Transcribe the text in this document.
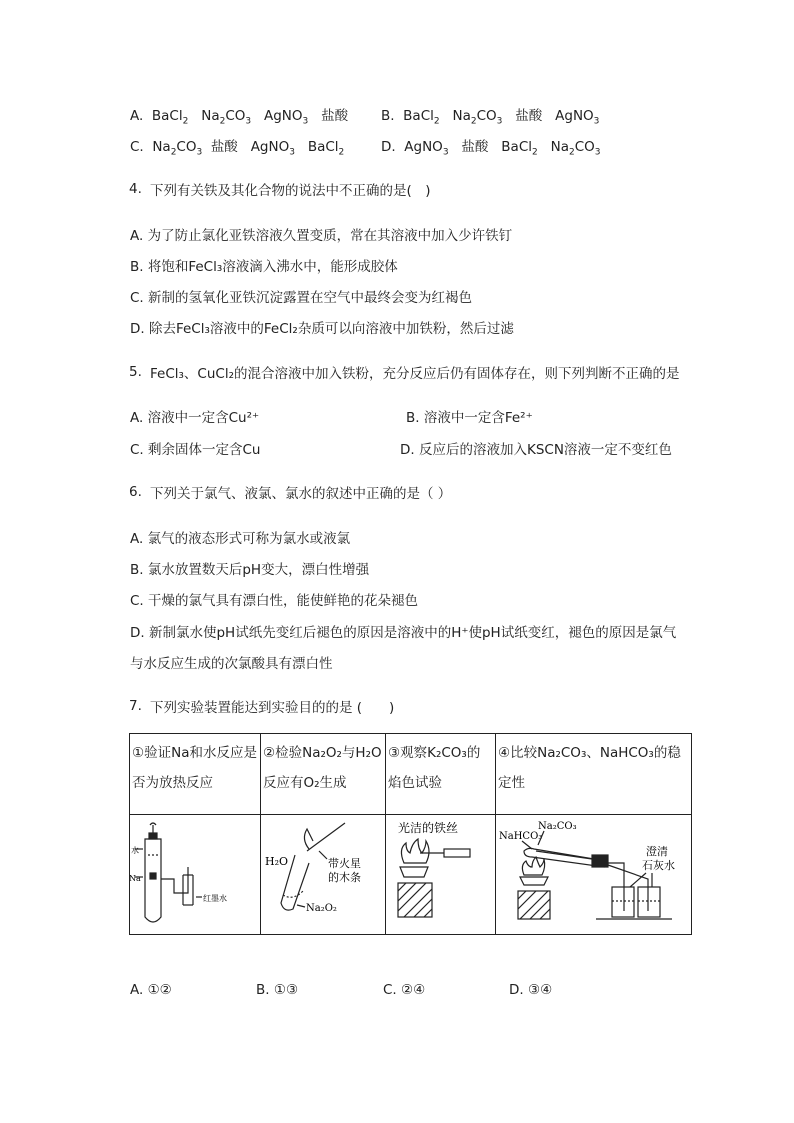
A. BaCl$_2$ $Na_2CO_3$ AgNO$_3$ 盐酸 B. BaCl$_2$ $Na_2CO_3$ 盐酸 AgNO$_3$
C. $Na_2CO_3$ 盐酸 AgNO$_3$ BaCl$_2$	D. AgNO$_3$ 盐酸 BaCl$_2$ $Na_2CO_3$
4. 下列有关铁及其化合物的说法中不正确的是(　)
A. 为了防止氯化亚铁溶液久置变质，常在其溶液中加入少许铁钉
B. 将饱和FeCl₃溶液滴入沸水中，能形成胶体
C. 新制的氢氧化亚铁沉淀露置在空气中最终会变为红褐色
D. 除去FeCl₃溶液中的FeCl₂杂质可以向溶液中加铁粉，然后过滤
5. FeCl₃、CuCl₂的混合溶液中加入铁粉，充分反应后仍有固体存在，则下列判断不正确的是
A. 溶液中一定含Cu²⁺	B. 溶液中一定含Fe²⁺
C. 剩余固体一定含Cu	D. 反应后的溶液加入KSCN溶液一定不变红色
6. 下列关于氯气、液氯、氯水的叙述中正确的是（ ）
A. 氯气的液态形式可称为氯水或液氯
B. 氯水放置数天后pH变大，漂白性增强
C. 干燥的氯气具有漂白性，能使鲜艳的花朵褪色
D. 新制氯水使pH试纸先变红后褪色的原因是溶液中的H⁺使pH试纸变红，褪色的原因是氯气
与水反应生成的次氯酸具有漂白性
7. 下列实验装置能达到实验目的的是 (　　)
①验证Na和水反应是否为放热反应	②检验Na₂O₂与H₂O反应有O₂生成	③观察K₂CO₃的焰色试验	④比较Na₂CO₃、NaHCO₃的稳定性

水
Na
红墨水	H₂O 带火星
的木条
Na₂O₂	光洁的铁丝	Na₂CO₃
NaHCO₃
澄清
石灰水
A. ①②	B. ①③	C. ②④	D. ③④
